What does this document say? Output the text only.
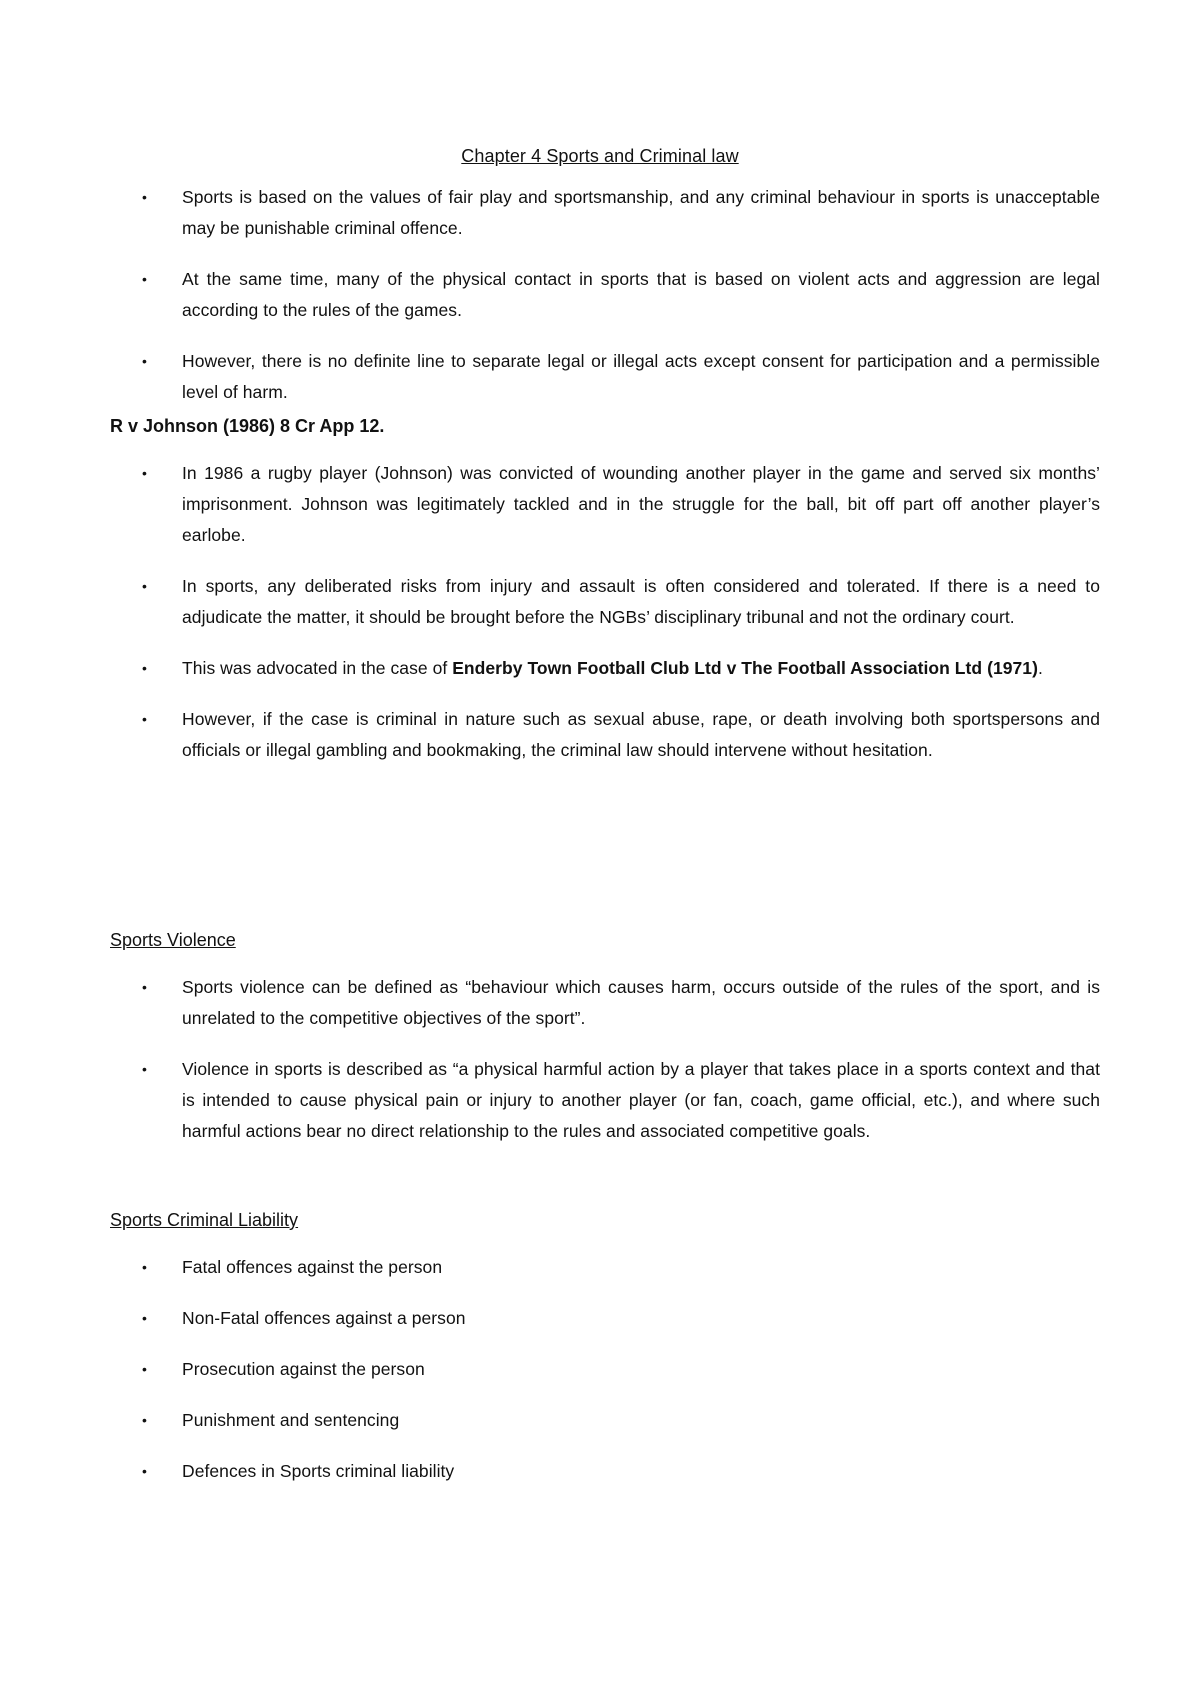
Chapter 4 Sports and Criminal law
•
Sports is based on the values of fair play and sportsmanship, and any criminal behaviour in sports is unacceptable may be punishable criminal offence.
•
At the same time, many of the physical contact in sports that is based on violent acts and aggression are legal according to the rules of the games.
•
However, there is no definite line to separate legal or illegal acts except consent for participation and a permissible level of harm.

R v Johnson (1986) 8 Cr App 12.

•
In 1986 a rugby player (Johnson) was convicted of wounding another player in the game and served six months’ imprisonment. Johnson was legitimately tackled and in the struggle for the ball, bit off part off another player’s earlobe.
•
In sports, any deliberated risks from injury and assault is often considered and tolerated. If there is a need to adjudicate the matter, it should be brought before the NGBs’ disciplinary tribunal and not the ordinary court.
•
This was advocated in the case of Enderby Town Football Club Ltd v The Football Association Ltd (1971).
•
However, if the case is criminal in nature such as sexual abuse, rape, or death involving both sportspersons and officials or illegal gambling and bookmaking, the criminal law should intervene without hesitation.

Sports Violence

•
Sports violence can be defined as “behaviour which causes harm, occurs outside of the rules of the sport, and is unrelated to the competitive objectives of the sport”.
•
Violence in sports is described as “a physical harmful action by a player that takes place in a sports context and that is intended to cause physical pain or injury to another player (or fan, coach, game official, etc.), and where such harmful actions bear no direct relationship to the rules and associated competitive goals.

Sports Criminal Liability

•
Fatal offences against the person
•
Non-Fatal offences against a person
•
Prosecution against the person
•
Punishment and sentencing
•
Defences in Sports criminal liability
